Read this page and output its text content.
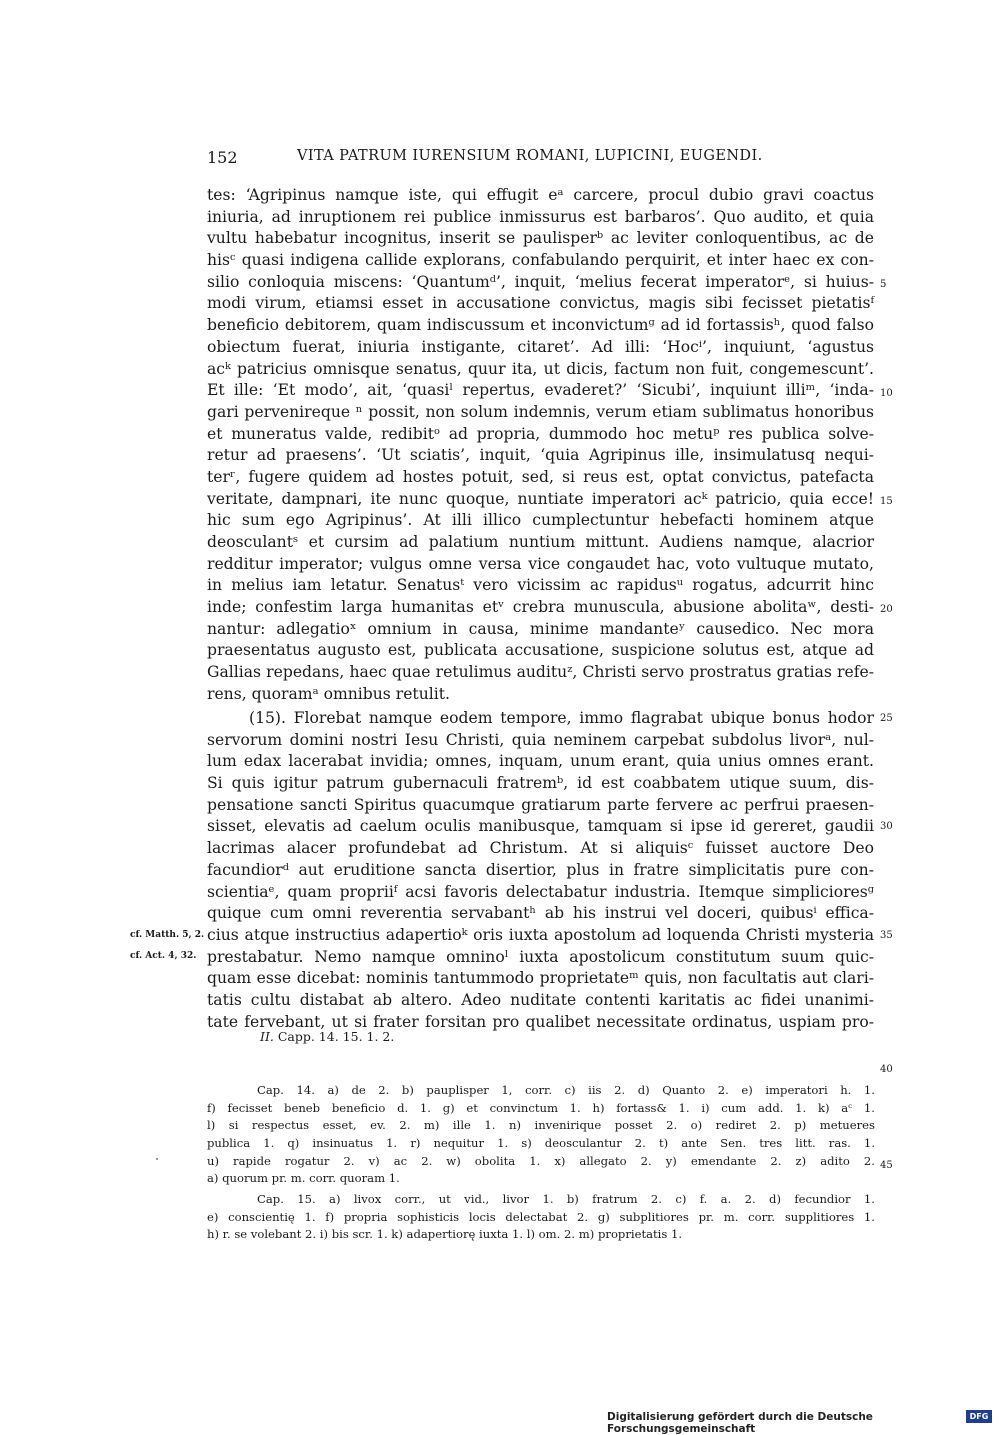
152	VITA PATRUM IURENSIUM ROMANI, LUPICINI, EUGENDI.
tes: ‘Agripinus namque iste, qui effugit eᵃ carcere, procul dubio gravi coactus
iniuria, ad inruptionem rei publice inmissurus est barbaros’. Quo audito, et quia
vultu habebatur incognitus, inserit se paulisperᵇ ac leviter conloquentibus, ac de
hisᶜ quasi indigena callide explorans, confabulando perquirit, et inter haec ex con-
silio conloquia miscens: ‘Quantumᵈ’, inquit, ‘melius fecerat imperatorᵉ, si huius-
modi virum, etiamsi esset in accusatione convictus, magis sibi fecisset pietatisᶠ
beneficio debitorem, quam indiscussum et inconvictumᵍ ad id fortassisʰ, quod falso
obiectum fuerat, iniuria instigante, citaret’. Ad illi: ‘Hocⁱ’, inquiunt, ‘agustus
acᵏ patricius omnisque senatus, quur ita, ut dicis, factum non fuit, congemescunt’.
Et ille: ‘Et modo’, ait, ‘quasiˡ repertus, evaderet?’ ‘Sicubi’, inquiunt illiᵐ, ‘inda-
gari pervenireque ⁿ possit, non solum indemnis, verum etiam sublimatus honoribus
et muneratus valde, redibitᵒ ad propria, dummodo hoc metuᵖ res publica solve-
retur ad praesens’. ‘Ut sciatis’, inquit, ‘quia Agripinus ille, insimulatusq nequi-
terʳ, fugere quidem ad hostes potuit, sed, si reus est, optat convictus, patefacta
veritate, dampnari, ite nunc quoque, nuntiate imperatori acᵏ patricio, quia ecce!
hic sum ego Agripinus’. At illi illico cumplectuntur hebefacti hominem atque
deosculantˢ et cursim ad palatium nuntium mittunt. Audiens namque, alacrior
redditur imperator; vulgus omne versa vice congaudet hac, voto vultuque mutato,
in melius iam letatur. Senatusᵗ vero vicissim ac rapidusᵘ rogatus, adcurrit hinc
inde; confestim larga humanitas etᵛ crebra munuscula, abusione abolitaʷ, desti-
nantur: adlegatioˣ omnium in causa, minime mandanteʸ causedico. Nec mora
praesentatus augusto est, publicata accusatione, suspicione solutus est, atque ad
Gallias repedans, haec quae retulimus audituᶻ, Christi servo prostratus gratias refe-
rens, quoramᵃ omnibus retulit.
(15). Florebat namque eodem tempore, immo flagrabat ubique bonus hodor
servorum domini nostri Iesu Christi, quia neminem carpebat subdolus livorᵃ, nul-
lum edax lacerabat invidia; omnes, inquam, unum erant, quia unius omnes erant.
Si quis igitur patrum gubernaculi fratremᵇ, id est coabbatem utique suum, dis-
pensatione sancti Spiritus quacumque gratiarum parte fervere ac perfrui praesen-
sisset, elevatis ad caelum oculis manibusque, tamquam si ipse id gereret, gaudii
lacrimas alacer profundebat ad Christum. At si aliquisᶜ fuisset auctore Deo
facundiorᵈ aut eruditione sancta disertior, plus in fratre simplicitatis pure con-
scientiaᵉ, quam propriiᶠ acsi favoris delectabatur industria. Itemque simplicioresᵍ
quique cum omni reverentia servabantʰ ab his instrui vel doceri, quibusⁱ effica-
cius atque instructius adapertioᵏ oris iuxta apostolum ad loquenda Christi mysteria
prestabatur. Nemo namque omninoˡ iuxta apostolicum constitutum suum quic-
quam esse dicebat: nominis tantummodo proprietateᵐ quis, non facultatis aut clari-
tatis cultu distabat ab altero. Adeo nuditate contenti karitatis ac fidei unanimi-
tate fervebant, ut si frater forsitan pro qualibet necessitate ordinatus, uspiam pro-
5
10
15
20
25
30
35
40
45
cf. Matth. 5, 2.
cf. Act. 4, 32.
II. Capp. 14. 15. 1. 2.
Cap. 14. a) de 2. b) pauplisper 1, corr. c) iis 2. d) Quanto 2. e) imperatori h. 1.
f) fecisset beneb beneficio d. 1. g) et convinctum 1. h) fortass& 1. i) cum add. 1. k) aᶜ 1.
l) si respectus esset, ev. 2. m) ille 1. n) invenirique posset 2. o) rediret 2. p) metueres
publica 1. q) insinuatus 1. r) nequitur 1. s) deosculantur 2. t) ante Sen. tres litt. ras. 1.
u) rapide rogatur 2. v) ac 2. w) obolita 1. x) allegato 2. y) emendante 2. z) adito 2.
a) quorum pr. m. corr. quoram 1.
Cap. 15. a) livox corr., ut vid., livor 1. b) fratrum 2. c) f. a. 2. d) fecundior 1.
e) conscientię 1. f) propria sophisticis locis delectabat 2. g) subplitiores pr. m. corr. supplitiores 1.
h) r. se volebant 2. i) bis scr. 1. k) adapertiorę iuxta 1. l) om. 2. m) proprietatis 1.
Digitalisierung gefördert durch die Deutsche Forschungsgemeinschaft
DFG
